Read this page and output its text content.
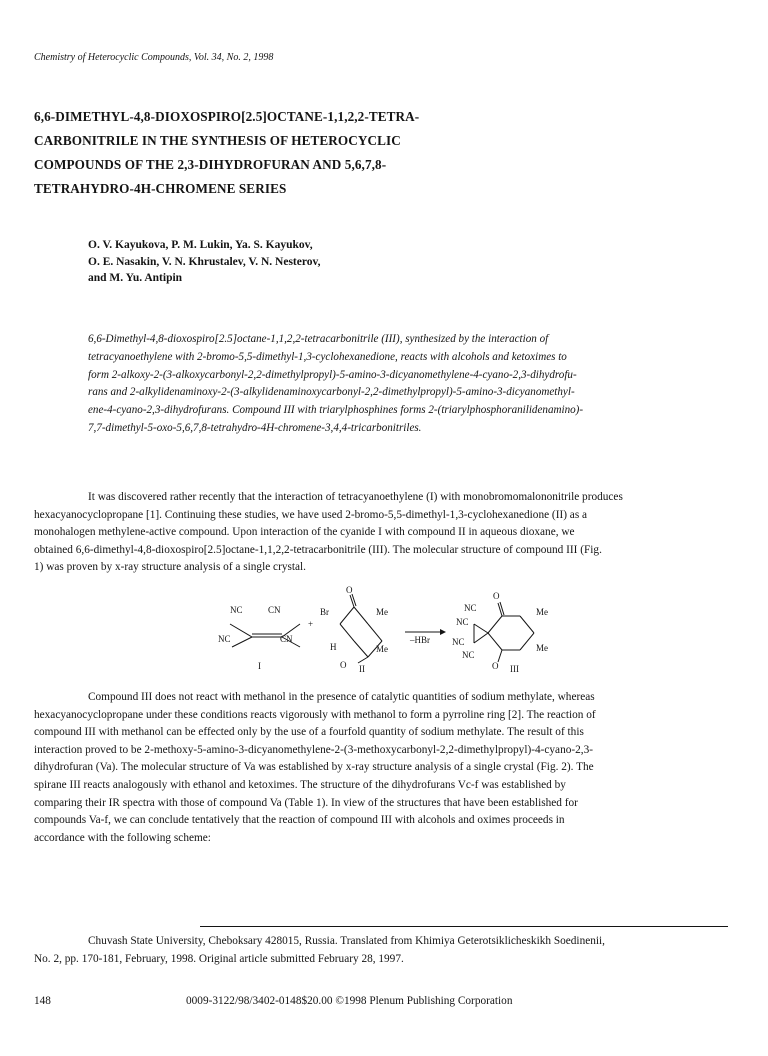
Chemistry of Heterocyclic Compounds, Vol. 34, No. 2, 1998
6,6-DIMETHYL-4,8-DIOXOSPIRO[2.5]OCTANE-1,1,2,2-TETRA-
CARBONITRILE IN THE SYNTHESIS OF HETEROCYCLIC
COMPOUNDS OF THE 2,3-DIHYDROFURAN AND 5,6,7,8-
TETRAHYDRO-4H-CHROMENE SERIES
O. V. Kayukova, P. M. Lukin, Ya. S. Kayukov,
O. E. Nasakin, V. N. Khrustalev, V. N. Nesterov,
and M. Yu. Antipin
6,6-Dimethyl-4,8-dioxospiro[2.5]octane-1,1,2,2-tetracarbonitrile (III), synthesized by the interaction of
tetracyanoethylene with 2-bromo-5,5-dimethyl-1,3-cyclohexanedione, reacts with alcohols and ketoximes to
form 2-alkoxy-2-(3-alkoxycarbonyl-2,2-dimethylpropyl)-5-amino-3-dicyanomethylene-4-cyano-2,3-dihydrofu-
rans and 2-alkylidenaminoxy-2-(3-alkylidenaminoxycarbonyl-2,2-dimethylpropyl)-5-amino-3-dicyanomethyl-
ene-4-cyano-2,3-dihydrofurans. Compound III with triarylphosphines forms 2-(triarylphosphoranilidenamino)-
7,7-dimethyl-5-oxo-5,6,7,8-tetrahydro-4H-chromene-3,4,4-tricarbonitriles.
It was discovered rather recently that the interaction of tetracyanoethylene (I) with monobromomalononitrile produces
hexacyanocyclopropane [1]. Continuing these studies, we have used 2-bromo-5,5-dimethyl-1,3-cyclohexanedione (II) as a
monohalogen methylene-active compound. Upon interaction of the cyanide I with compound II in aqueous dioxane, we
obtained 6,6-dimethyl-4,8-dioxospiro[2.5]octane-1,1,2,2-tetracarbonitrile (III). The molecular structure of compound III (Fig.
1) was proven by x-ray structure analysis of a single crystal.
NC	CN
NC	CN
I
+
O
Br	Me
H	Me
O II
–HBr
NC
O
NC
Me
NC
Me
NC
O III
Compound III does not react with methanol in the presence of catalytic quantities of sodium methylate, whereas
hexacyanocyclopropane under these conditions reacts vigorously with methanol to form a pyrroline ring [2]. The reaction of
compound III with methanol can be effected only by the use of a fourfold quantity of sodium methylate. The result of this
interaction proved to be 2-methoxy-5-amino-3-dicyanomethylene-2-(3-methoxycarbonyl-2,2-dimethylpropyl)-4-cyano-2,3-
dihydrofuran (Va). The molecular structure of Va was established by x-ray structure analysis of a single crystal (Fig. 2). The
spirane III reacts analogously with ethanol and ketoximes. The structure of the dihydrofurans Vc-f was established by
comparing their IR spectra with those of compound Va (Table 1). In view of the structures that have been established for
compounds Va-f, we can conclude tentatively that the reaction of compound III with alcohols and oximes proceeds in
accordance with the following scheme:
Chuvash State University, Cheboksary 428015, Russia. Translated from Khimiya Geterotsiklicheskikh Soedinenii,
No. 2, pp. 170-181, February, 1998. Original article submitted February 28, 1997.
148	0009-3122/98/3402-0148$20.00 ©1998 Plenum Publishing Corporation
